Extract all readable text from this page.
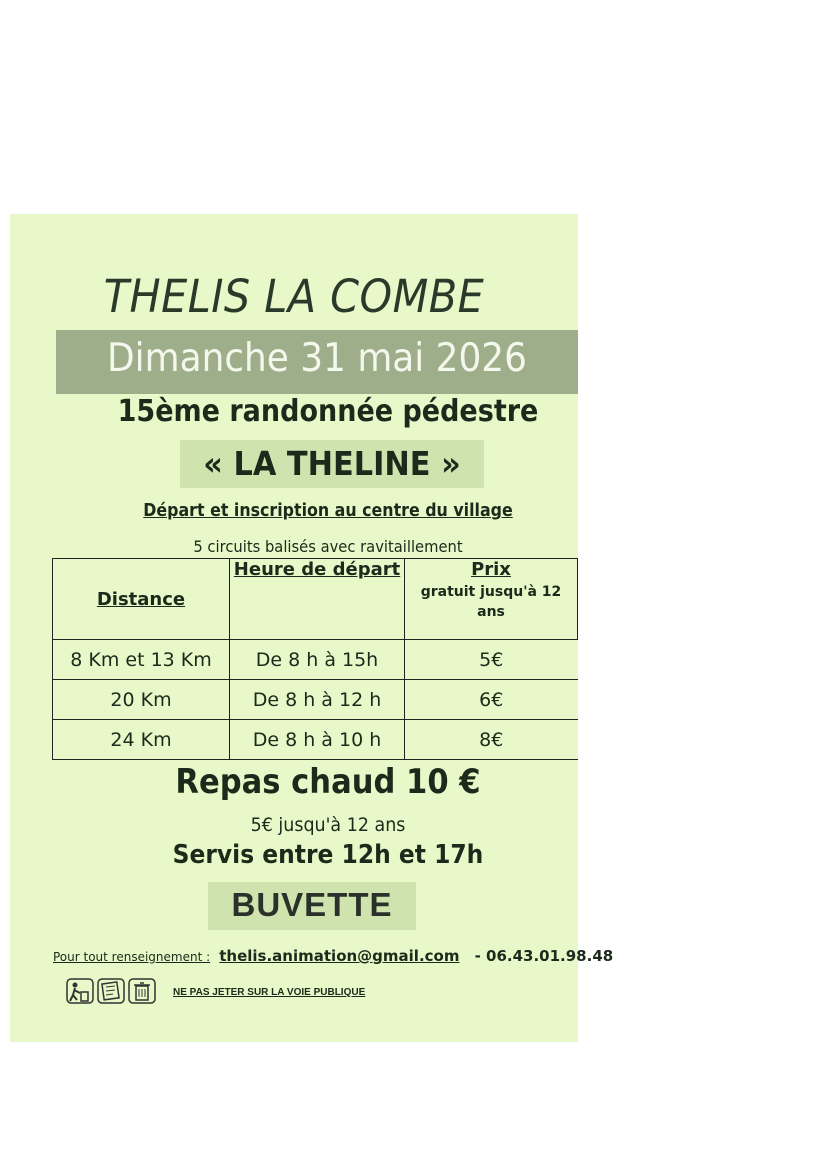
THELIS LA COMBE
Dimanche 31 mai 2026
15ème randonnée pédestre
« LA THELINE »
Départ et inscription au centre du village
5 circuits balisés avec ravitaillement
Distance	Heure de départ	Prix
gratuit jusqu'à 12 ans

8 Km et 13 Km	De 8 h à 15h	5€
20 Km	De 8 h à 12 h	6€
24 Km	De 8 h à 10 h	8€
Repas chaud 10 €
5€ jusqu'à 12 ans
Servis entre 12h et 17h
BUVETTE
Pour tout renseignement : thelis.animation@gmail.com - 06.43.01.98.48
NE PAS JETER SUR LA VOIE PUBLIQUE
